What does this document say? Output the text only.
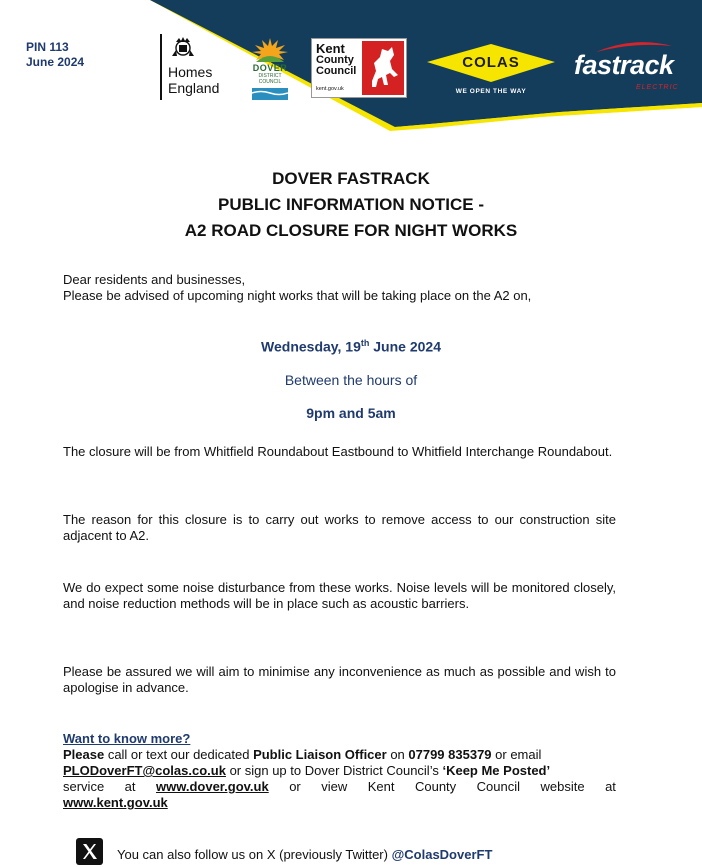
PIN 113
June 2024
Homes
England
DOVER
DISTRICT
COUNCIL
Kent
County
Council
kent.gov.uk
COLAS
WE OPEN THE WAY
fastrack
ELECTRIC
DOVER FASTRACK
PUBLIC INFORMATION NOTICE -
A2 ROAD CLOSURE FOR NIGHT WORKS
Dear residents and businesses,
Please be advised of upcoming night works that will be taking place on the A2 on,
Wednesday, 19th June 2024
Between the hours of
9pm and 5am
The closure will be from Whitfield Roundabout Eastbound to Whitfield Interchange Roundabout.
The reason for this closure is to carry out works to remove access to our construction site adjacent to A2.
We do expect some noise disturbance from these works. Noise levels will be monitored closely, and noise reduction methods will be in place such as acoustic barriers.
Please be assured we will aim to minimise any inconvenience as much as possible and wish to apologise in advance.
Want to know more?
Please call or text our dedicated Public Liaison Officer on 07799 835379 or email
PLODoverFT@colas.co.uk or sign up to Dover District Council’s ‘Keep Me Posted’
service at www.dover.gov.uk or view Kent County Council website at
www.kent.gov.uk
You can also follow us on X (previously Twitter) @ColasDoverFT
